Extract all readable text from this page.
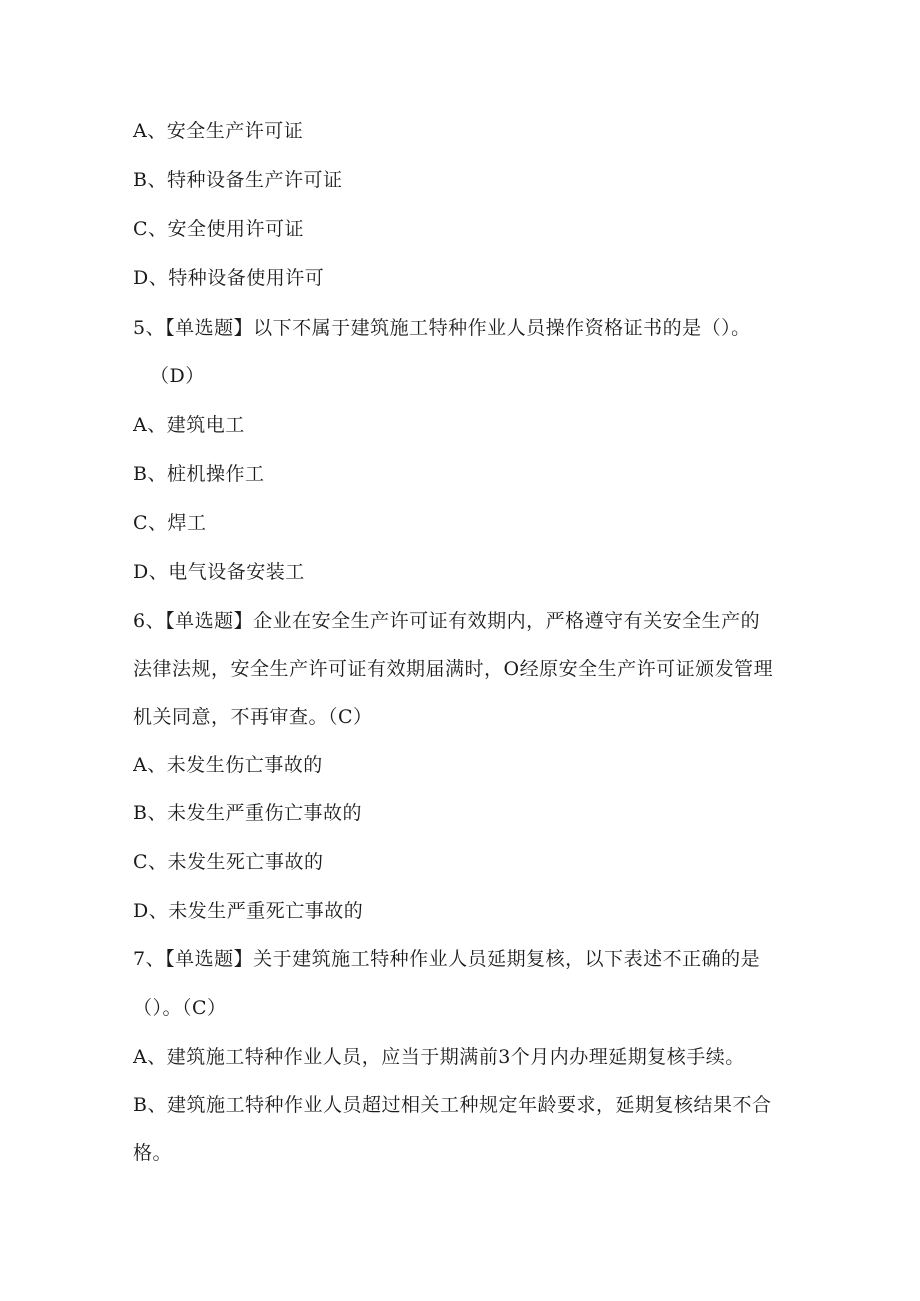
A、安全生产许可证
B、特种设备生产许可证
C、安全使用许可证
D、特种设备使用许可
5、【单选题】以下不属于建筑施工特种作业人员操作资格证书的是（）。
（D）
A、建筑电工
B、桩机操作工
C、焊工
D、电气设备安装工
6、【单选题】企业在安全生产许可证有效期内，严格遵守有关安全生产的
法律法规，安全生产许可证有效期届满时，O经原安全生产许可证颁发管理
机关同意，不再审查。（C）
A、未发生伤亡事故的
B、未发生严重伤亡事故的
C、未发生死亡事故的
D、未发生严重死亡事故的
7、【单选题】关于建筑施工特种作业人员延期复核，以下表述不正确的是
（）。（C）
A、建筑施工特种作业人员，应当于期满前3个月内办理延期复核手续。
B、建筑施工特种作业人员超过相关工种规定年龄要求，延期复核结果不合
格。
